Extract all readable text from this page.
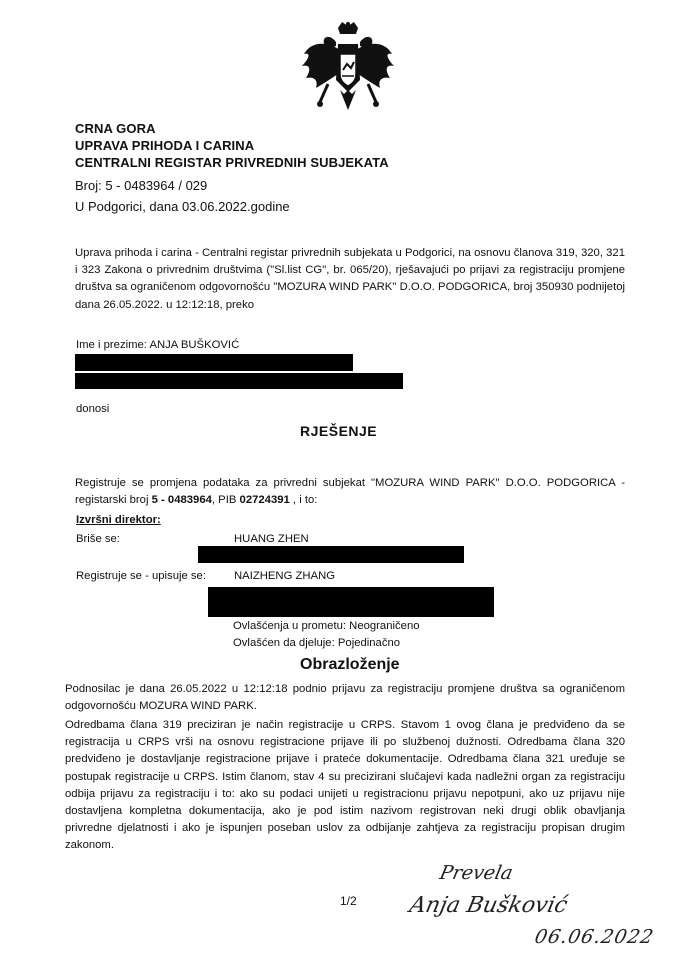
CRNA GORA
UPRAVA PRIHODA I CARINA
CENTRALNI REGISTAR PRIVREDNIH SUBJEKATA
Broj: 5 - 0483964 / 029
U Podgorici, dana 03.06.2022.godine
Uprava prihoda i carina - Centralni registar privrednih subjekata u Podgorici, na osnovu članova 319, 320, 321 i 323 Zakona o privrednim društvima ("Sl.list CG", br. 065/20), rješavajući po prijavi za registraciju promjene društva sa ograničenom odgovornošću "MOZURA WIND PARK" D.O.O. PODGORICA, broj 350930 podnijetoj dana 26.05.2022. u 12:12:18, preko
Ime i prezime: ANJA BUŠKOVIĆ
donosi
RJEŠENJE
Registruje se promjena podataka za privredni subjekat "MOZURA WIND PARK" D.O.O. PODGORICA - registarski broj 5 - 0483964, PIB 02724391 , i to:
Izvršni direktor:
Briše se:	HUANG ZHEN
Registruje se - upisuje se: NAIZHENG ZHANG
Ovlašćenja u prometu: Neograničeno
Ovlašćen da djeluje: Pojedinačno
Obrazloženje
Podnosilac je dana 26.05.2022 u 12:12:18 podnio prijavu za registraciju promjene društva sa ograničenom odgovornošću MOZURA WIND PARK.
Odredbama člana 319 preciziran je način registracije u CRPS. Stavom 1 ovog člana je predviđeno da se registracija u CRPS vrši na osnovu registracione prijave ili po službenoj dužnosti. Odredbama člana 320 predviđeno je dostavljanje registracione prijave i prateće dokumentacije. Odredbama člana 321 uređuje se postupak registracije u CRPS. Istim članom, stav 4 su precizirani slučajevi kada nadležni organ za registraciju odbija prijavu za registraciju i to: ako su podaci unijeti u registracionu prijavu nepotpuni, ako uz prijavu nije dostavljena kompletna dokumentacija, ako je pod istim nazivom registrovan neki drugi oblik obavljanja privredne djelatnosti i ako je ispunjen poseban uslov za odbijanje zahtjeva za registraciju propisan drugim zakonom.
1/2
Prevela
Anja Bušković
06.06.2022
